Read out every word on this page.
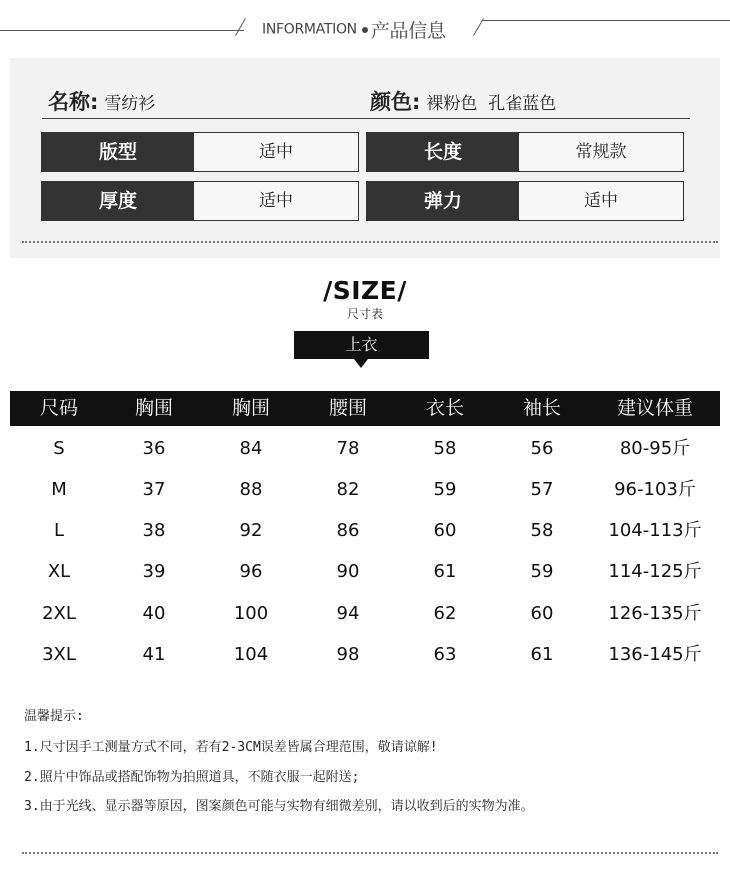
INFORMATION 产品信息
名称: 雪纺衫	颜色: 裸粉色  孔雀蓝色
版型	适中	长度	常规款
厚度	适中	弹力	适中
/SIZE/
尺寸表
上衣
尺码	胸围	胸围	腰围	衣长	袖长	建议体重
S	36	84	78	58	56	80-95斤
M	37	88	82	59	57	96-103斤
L	38	92	86	60	58	104-113斤
XL	39	96	90	61	59	114-125斤
2XL	40	100	94	62	60	126-135斤
3XL	41	104	98	63	61	136-145斤
温馨提示:
1.尺寸因手工测量方式不同，若有2-3CM误差皆属合理范围，敬请谅解!
2.照片中饰品或搭配饰物为拍照道具，不随衣服一起附送;
3.由于光线、显示器等原因，图案颜色可能与实物有细微差别，请以收到后的实物为准。
